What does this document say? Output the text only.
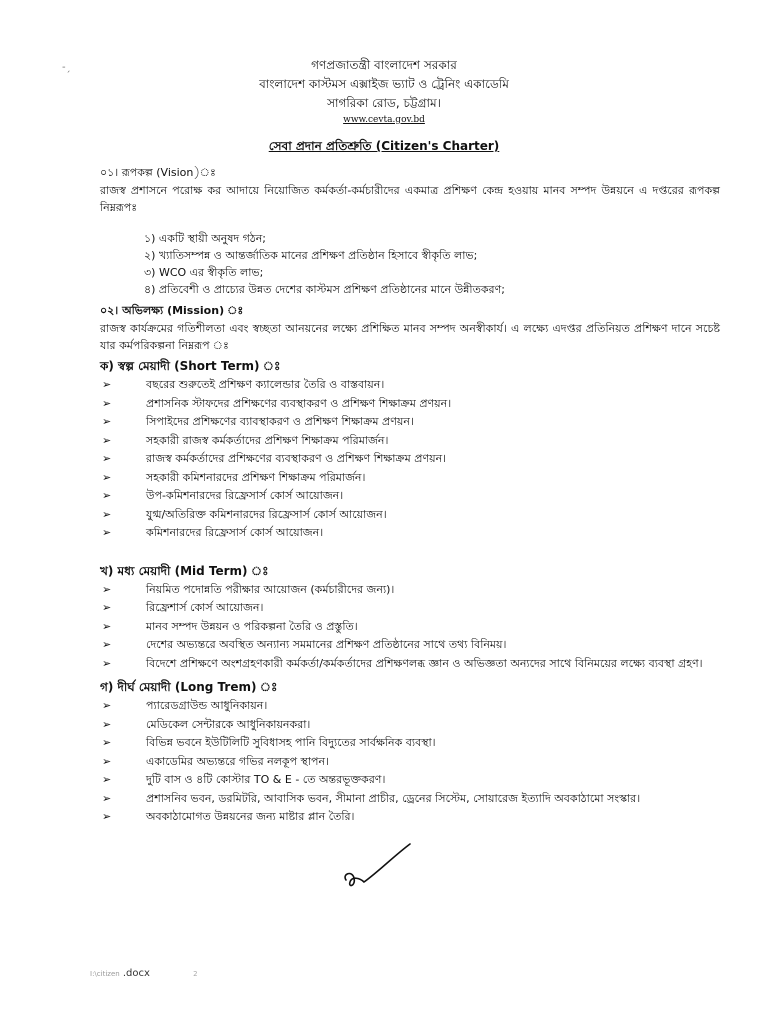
-ˏ	গণপ্রজাতন্ত্রী বাংলাদেশ সরকার
বাংলাদেশ কাস্টমস এক্সাইজ ভ্যাট ও ট্রেনিং একাডেমি
সাগরিকা রোড, চট্টগ্রাম।
www.cevta.gov.bd
সেবা প্রদান প্রতিশ্রুতি (Citizen's Charter)
০১। রূপকল্প (Vision)ঃ

রাজস্ব প্রশাসনে পরোক্ষ কর আদায়ে নিয়োজিত কর্মকর্তা-কর্মচারীদের একমাত্র প্রশিক্ষণ কেন্দ্র হওয়ায় মানব সম্পদ উন্নয়নে এ দপ্তরের রূপকল্প নিম্নরূপঃ

১) একটি স্থায়ী অনুষদ গঠন;
২) খ্যাতিসম্পন্ন ও আন্তর্জাতিক মানের প্রশিক্ষণ প্রতিষ্ঠান হিসাবে স্বীকৃতি লাভ;
৩) WCO এর স্বীকৃতি লাভ;
৪) প্রতিবেশী ও প্রাচ্যের উন্নত দেশের কাস্টমস প্রশিক্ষণ প্রতিষ্ঠানের মানে উন্নীতকরণ;
০২। অভিলক্ষ্য (Mission) ঃ

রাজস্ব কার্যক্রমের গতিশীলতা এবং স্বচ্ছতা আনয়নের লক্ষ্যে প্রশিক্ষিত মানব সম্পদ অনস্বীকার্য। এ লক্ষ্যে এদপ্তর প্রতিনিয়ত প্রশিক্ষণ দানে সচেষ্ট যার কর্মপরিকল্পনা নিম্নরূপ ঃ

ক) স্বল্প মেয়াদী (Short Term) ঃ
➢	বছরের শুরুতেই প্রশিক্ষণ ক্যালেন্ডার তৈরি ও বাস্তবায়ন।
➢	প্রশাসনিক স্টাফদের প্রশিক্ষণের ব্যবস্থাকরণ ও প্রশিক্ষণ শিক্ষাক্রম প্রণয়ন।
➢	সিপাইদের প্রশিক্ষণের ব্যাবস্থাকরণ ও প্রশিক্ষণ শিক্ষাক্রম প্রণয়ন।
➢	সহকারী রাজস্ব কর্মকর্তাদের প্রশিক্ষণ শিক্ষাক্রম পরিমার্জন।
➢	রাজস্ব কর্মকর্তাদের প্রশিক্ষণের ব্যবস্থাকরণ ও প্রশিক্ষণ শিক্ষাক্রম প্রণয়ন।
➢	সহকারী কমিশনারদের প্রশিক্ষণ শিক্ষাক্রম পরিমার্জন।
➢	উপ-কমিশনারদের রিফ্রেসার্স কোর্স আয়োজন।
➢	যুগ্ম/অতিরিক্ত কমিশনারদের রিফ্রেসার্স কোর্স আয়োজন।
➢	কমিশনারদের রিফ্রেসার্স কোর্স আয়োজন।
খ) মধ্য মেয়াদী (Mid Term) ঃ
➢	নিয়মিত পদোন্নতি পরীক্ষার আয়োজন (কর্মচারীদের জন্য)।
➢	রিফ্রেশার্স কোর্স আয়োজন।
➢	মানব সম্পদ উন্নয়ন ও পরিকল্পনা তৈরি ও প্রস্তুতি।
➢	দেশের অভ্যন্তরে অবস্থিত অন্যান্য সমমানের প্রশিক্ষণ প্রতিষ্ঠানের সাথে তথ্য বিনিময়।
➢	বিদেশে প্রশিক্ষণে অংশগ্রহণকারী কর্মকর্তা/কর্মকর্তাদের প্রশিক্ষণলব্ধ জ্ঞান ও অভিজ্ঞতা অন্যদের সাথে বিনিময়ের লক্ষ্যে ব্যবস্থা গ্রহণ।
গ) দীর্ঘ মেয়াদী (Long Trem) ঃ
➢	প্যারেডগ্রাউন্ড আধুনিকায়ন।
➢	মেডিকেল সেন্টারকে আধুনিকায়নকরা।
➢	বিভিন্ন ভবনে ইউটিলিটি সুবিধাসহ পানি বিদ্যুতের সার্বক্ষনিক ব্যবস্থা।
➢	একাডেমির অভ্যন্তরে গভির নলকূপ স্থাপন।
➢	দুটি বাস ও ৪টি কোস্টার TO & E - তে অন্তরভূক্তকরণ।
➢	প্রশাসনিব ভবন, ডরমিটরি, আবাসিক ভবন, সীমানা প্রাচীর, ড্রেনের সিস্টেম, সোয়ারেজ ইত্যাদি অবকাঠামো সংস্কার।
➢	অবকাঠামোগত উন্নয়নের জন্য মাষ্টার প্লান তৈরি।
I:\citizen .docx	2
